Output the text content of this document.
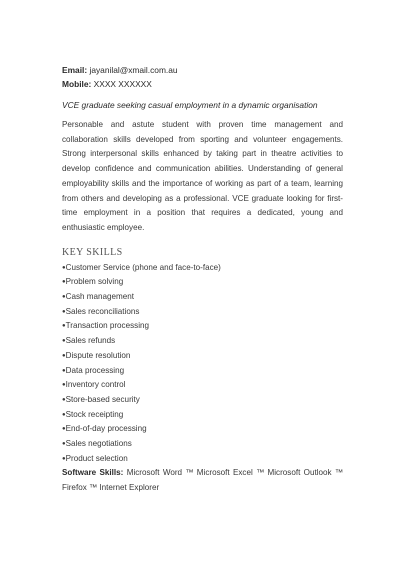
Email: jayanilal@xmail.com.au
Mobile: XXXX XXXXXX
VCE graduate seeking casual employment in a dynamic organisation

Personable and astute student with proven time management and collaboration skills developed from sporting and volunteer engagements. Strong interpersonal skills enhanced by taking part in theatre activities to develop confidence and communication abilities. Understanding of general employability skills and the importance of working as part of a team, learning from others and developing as a professional. VCE graduate looking for first-time employment in a position that requires a dedicated, young and enthusiastic employee.

KEY SKILLS
●Customer Service (phone and face-to-face)
●Problem solving
●Cash management
●Sales reconciliations
●Transaction processing
●Sales refunds
●Dispute resolution
●Data processing
●Inventory control
●Store-based security
●Stock receipting
●End-of-day processing
●Sales negotiations
●Product selection
Software Skills: Microsoft Word ™ Microsoft Excel ™ Microsoft Outlook ™ Firefox ™ Internet Explorer
